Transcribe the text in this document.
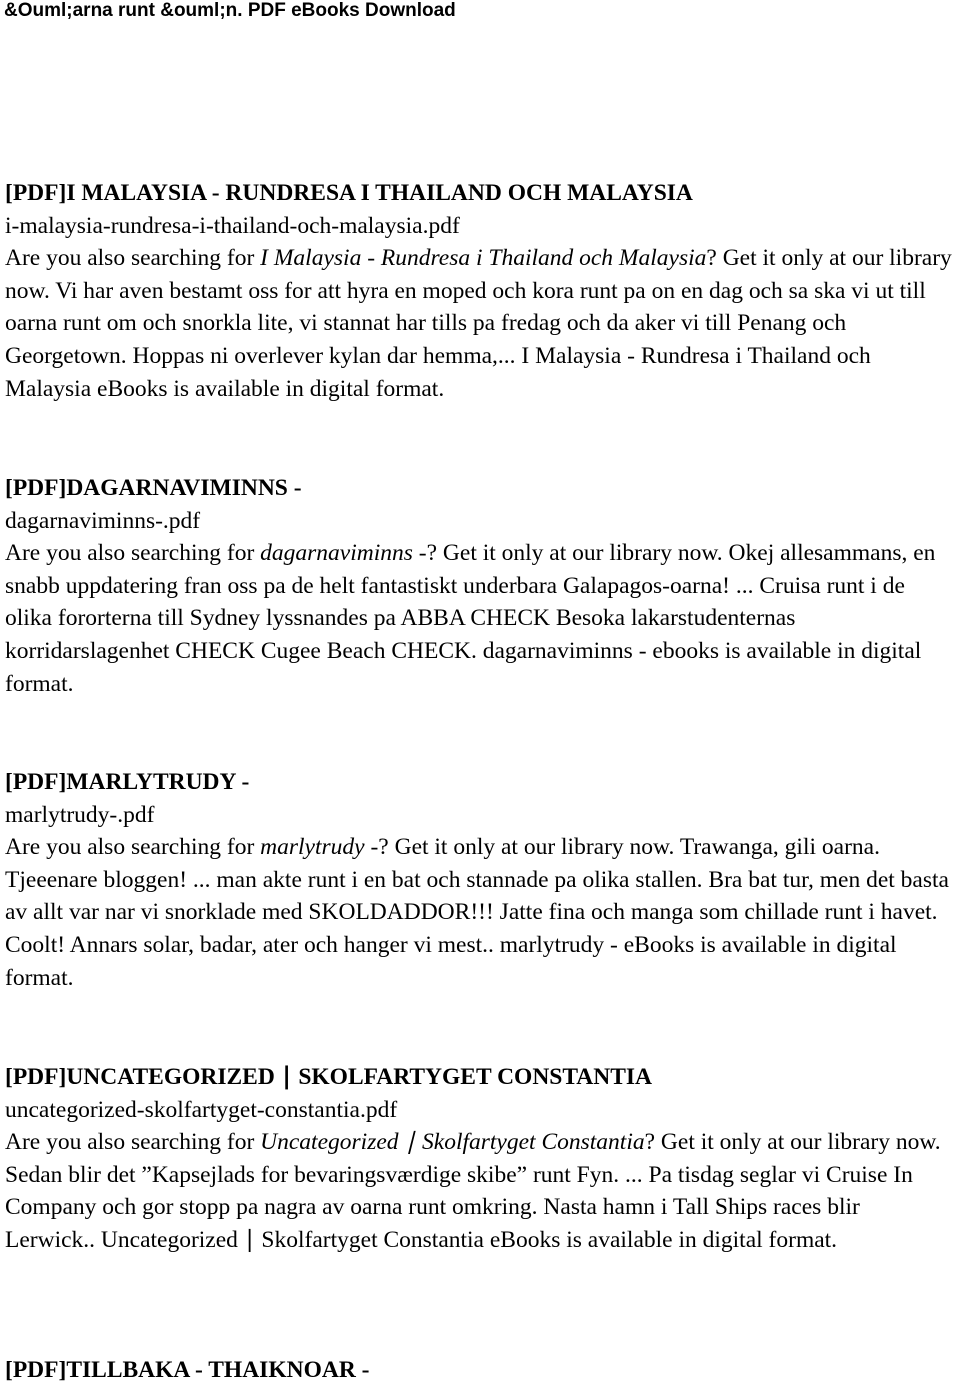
&Ouml;arna runt &ouml;n. PDF eBooks Download
[PDF]I MALAYSIA - RUNDRESA I THAILAND OCH MALAYSIA
i-malaysia-rundresa-i-thailand-och-malaysia.pdf

Are you also searching for I Malaysia - Rundresa i Thailand och Malaysia? Get it only at our library now. Vi har aven bestamt oss for att hyra en moped och kora runt pa on en dag och sa ska vi ut till oarna runt om och snorkla lite, vi stannat har tills pa fredag och da aker vi till Penang och Georgetown. Hoppas ni overlever kylan dar hemma,... I Malaysia - Rundresa i Thailand och Malaysia eBooks is available in digital format.

[PDF]DAGARNAVIMINNS -
dagarnaviminns-.pdf

Are you also searching for dagarnaviminns -? Get it only at our library now. Okej allesammans, en snabb uppdatering fran oss pa de helt fantastiskt underbara Galapagos-oarna! ... Cruisa runt i de olika fororterna till Sydney lyssnandes pa ABBA CHECK Besoka lakarstudenternas korridarslagenhet CHECK Cugee Beach CHECK. dagarnaviminns - ebooks is available in digital format.

[PDF]MARLYTRUDY -
marlytrudy-.pdf

Are you also searching for marlytrudy -? Get it only at our library now. Trawanga, gili oarna. Tjeeenare bloggen! ... man akte runt i en bat och stannade pa olika stallen. Bra bat tur, men det basta av allt var nar vi snorklade med SKOLDADDOR!!! Jatte fina och manga som chillade runt i havet. Coolt! Annars solar, badar, ater och hanger vi mest.. marlytrudy - eBooks is available in digital format.

[PDF]UNCATEGORIZED ∣ SKOLFARTYGET CONSTANTIA
uncategorized-skolfartyget-constantia.pdf

Are you also searching for Uncategorized ∣ Skolfartyget Constantia? Get it only at our library now. Sedan blir det ”Kapsejlads for bevaringsværdige skibe” runt Fyn. ... Pa tisdag seglar vi Cruise In Company och gor stopp pa nagra av oarna runt omkring. Nasta hamn i Tall Ships races blir Lerwick.. Uncategorized ∣ Skolfartyget Constantia eBooks is available in digital format.

[PDF]TILLBAKA - THAIKNOAR -
